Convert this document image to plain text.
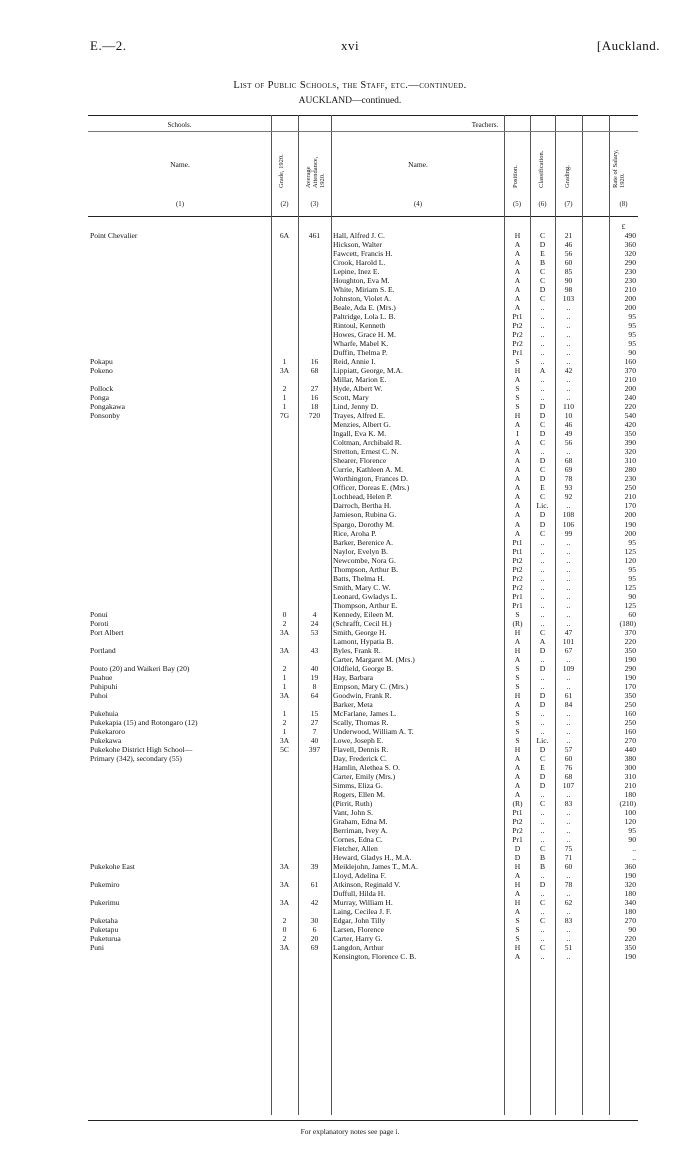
E.—2.	xvi	[Auckland.
List of Public Schools, the Staff, etc.—continued.
AUCKLAND—continued.
Schools.	Teachers.
Name.	Grade, 1920.	Average Attendance, 1920.
Name.
Position.	Classification.	Grading.	Rate of Salary, 1920.
(1)	(2)	(3)	(4)	(5)	(6)	(7)	(8)
£
Point Chevalier	6A	461	Hall, Alfred J. C.	H	C	21	490
Hickson, Walter	A	D	46	360
Fawcett, Francis H.	A	E	56	320
Crook, Harold L.	A	B	60	290
Lepine, Inez E.	A	C	85	230
Houghton, Eva M.	A	C	90	230
White, Miriam S. E.	A	D	98	210
Johnston, Violet A.	A	C	103	200
Beale, Ada E. (Mrs.)	A	..	..	200
Paltridge, Lola L. B.	Pt1	..	..	95
Rintoul, Kenneth	Pt2	..	..	95
Howes, Grace H. M.	Pr2	..	..	95
Wharfe, Mabel K.	Pr2	..	..	95
Duffin, Thelma P.	Pr1	..	..	90
Pokapu	1	16	Reid, Annie I.	S	..	..	160
Pokeno	3A	68	Lippiatt, George, M.A.	H	A	42	370
Millar, Marion E.	A	..	..	210
Pollock	2	27	Hyde, Albert W.	S	..	..	200
Ponga	1	16	Scott, Mary	S	..	..	240
Pongakawa	1	18	Lind, Jenny D.	S	D	110	220
Ponsonby	7G	720	Trayes, Alfred E.	H	D	10	540
Menzies, Albert G.	A	C	46	420
Ingall, Eva K. M.	I	D	49	350
Coltman, Archibald R.	A	C	56	390
Stretton, Ernest C. N.	A	..	..	320
Shearer, Florence	A	D	68	310
Currie, Kathleen A. M.	A	C	69	280
Worthington, Frances D.	A	D	78	230
Officer, Doreas E. (Mrs.)	A	E	93	250
Lochhead, Helen P.	A	C	92	210
Darroch, Bertha H.	A	Lic.	..	170
Jamieson, Rubina G.	A	D	108	200
Spargo, Dorothy M.	A	D	106	190
Rice, Aroha P.	A	C	99	200
Barker, Berenice A.	Pt1	..	..	95
Naylor, Evelyn B.	Pt1	..	..	125
Newcombe, Nora G.	Pt2	..	..	120
Thompson, Arthur B.	Pt2	..	..	95
Batts, Thelma H.	Pr2	..	..	95
Smith, Mary C. W.	Pr2	..	..	125
Leonard, Gwladys L.	Pr1	..	..	90
Thompson, Arthur E.	Pr1	..	..	125
Ponui	0	4	Kennedy, Eileen M.	S	..	..	60
Poroti	2	24	(Schrafft, Cecil H.)	(R)	..	..	(180)
Port Albert	3A	53	Smith, George H.	H	C	47	370
Lamont, Hypatia B.	A	A	101	220
Portland	3A	43	Byles, Frank R.	H	D	67	350
Carter, Margaret M. (Mrs.)	A	..	..	190
Pouto (20) and Waikeri Bay (20)	2	40	Oldfield, George B.	S	D	109	290
Puahue	1	19	Hay, Barbara	S	..	..	190
Puhipuhi	1	8	Empson, Mary C. (Mrs.)	S	..	..	170
Puhoi	3A	64	Goodwin, Frank R.	H	D	61	350
Barker, Meta	A	D	84	250
Pukehuia	1	15	McFarlane, James L.	S	..	..	160
Pukekapia (15) and Rotongaro (12)	2	27	Scally, Thomas R.	S	..	..	250
Pukekaroro	1	7	Underwood, William A. T.	S	..	..	160
Pukekawa	3A	40	Lowe, Joseph E.	S	Lic.	..	270
Pukekohe District High School—	5C	397	Flavell, Dennis R.	H	D	57	440
Primary (342), secondary (55)	Day, Frederick C.	A	C	60	380
Hamlin, Alethea S. O.	A	E	76	300
Carter, Emily (Mrs.)	A	D	68	310
Simms, Eliza G.	A	D	107	210
Rogers, Ellen M.	A	..	..	180
(Pirrit, Ruth)	(R)	C	83	(210)
Vant, John S.	Pt1	..	..	100
Graham, Edna M.	Pt2	..	..	120
Berriman, Ivey A.	Pr2	..	..	95
Cornes, Edna C.	Pr1	..	..	90
Fletcher, Allen	D	C	75	..
Heward, Gladys H., M.A.	D	B	71	..
Pukekohe East	3A	39	Meiklejohn, James T., M.A.	H	B	60	360
Lloyd, Adelina F.	A	..	..	190
Pukemiro	3A	61	Atkinson, Reginald V.	H	D	78	320
Duffull, Hilda H.	A	..	..	180
Pukerimu	3A	42	Murray, William H.	H	C	62	340
Laing, Cecilea J. F.	A	..	..	180
Puketaha	2	30	Edgar, John Tilly	S	C	83	270
Puketapu	0	6	Larsen, Florence	S	..	..	90
Puketurua	2	20	Carter, Harry G.	S	..	..	220
Puni	3A	69	Langdon, Arthur	H	C	51	350
Kensington, Florence C. B.	A	..	..	190
For explanatory notes see page i.
